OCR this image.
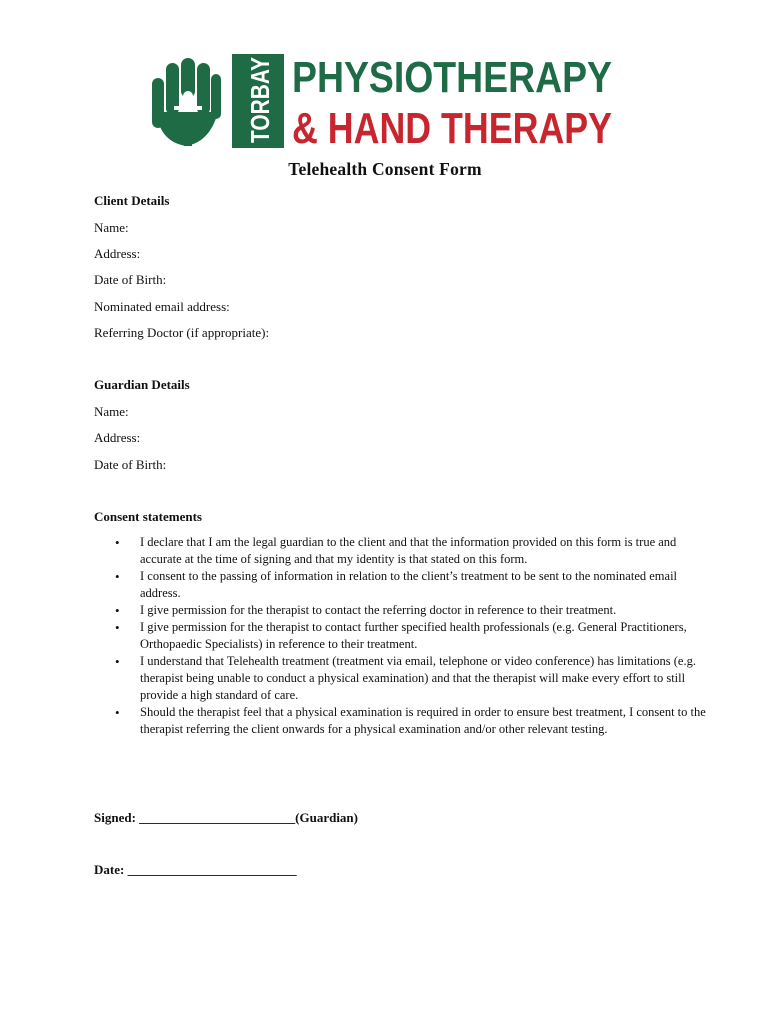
TORBAY PHYSIOTHERAPY
& HAND THERAPY
Telehealth Consent Form

Client Details

Name:

Address:

Date of Birth:

Nominated email address:

Referring Doctor (if appropriate):

Guardian Details

Name:

Address:

Date of Birth:

Consent statements

• I declare that I am the legal guardian to the client and that the information provided on this form is true and accurate at the time of signing and that my identity is that stated on this form.
• I consent to the passing of information in relation to the client’s treatment to be sent to the nominated email address.
• I give permission for the therapist to contact the referring doctor in reference to their treatment.
• I give permission for the therapist to contact further specified health professionals (e.g. General Practitioners, Orthopaedic Specialists) in reference to their treatment.
• I understand that Telehealth treatment (treatment via email, telephone or video conference) has limitations (e.g. therapist being unable to conduct a physical examination) and that the therapist will make every effort to still provide a high standard of care.
• Should the therapist feel that a physical examination is required in order to ensure best treatment, I consent to the therapist referring the client onwards for a physical examination and/or other relevant testing.

Signed: ________________________(Guardian)

Date: __________________________
